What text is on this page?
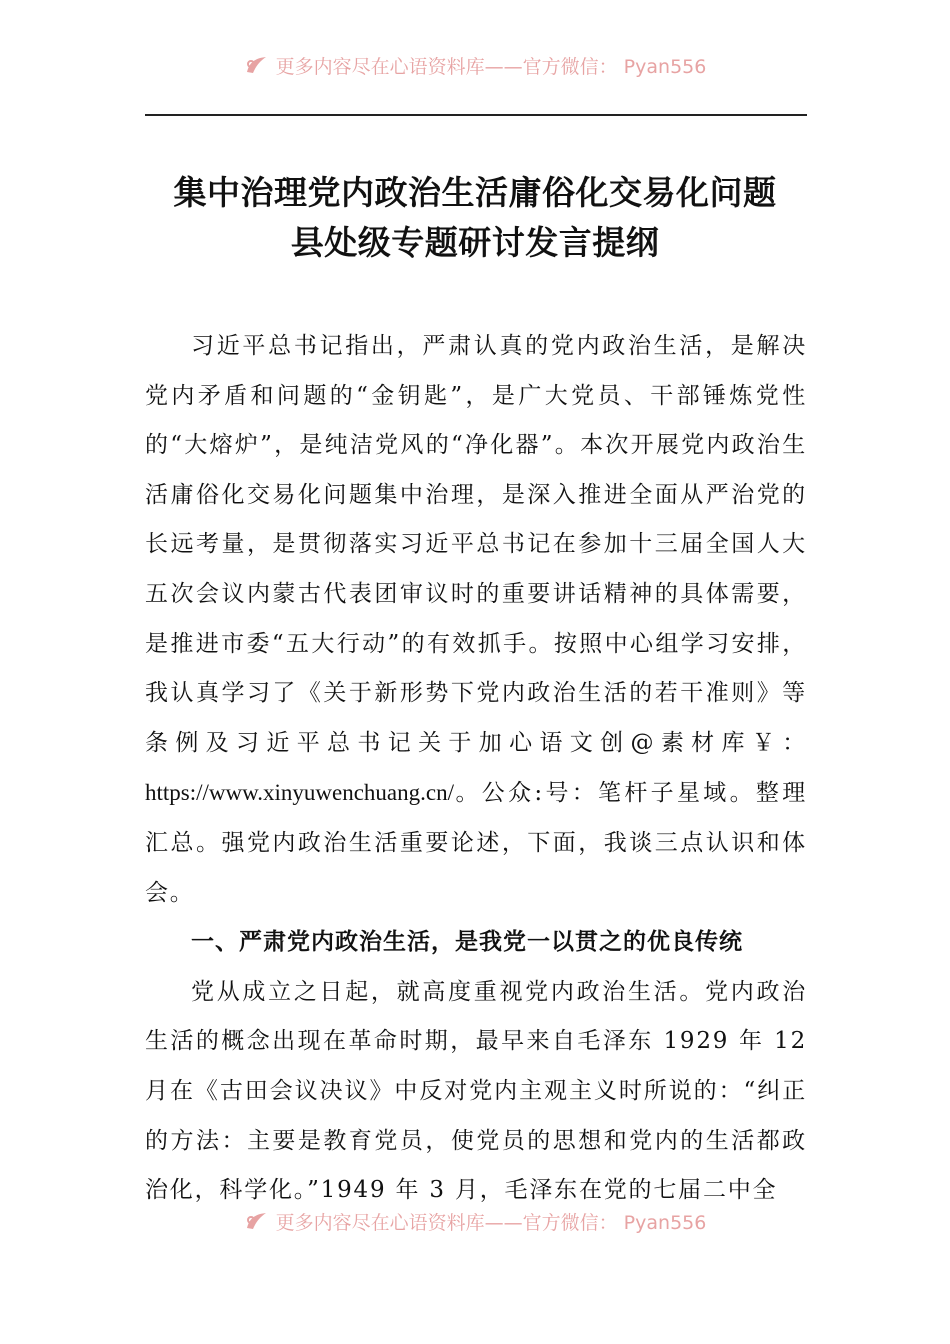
更多内容尽在心语资料库——官方微信： Pyan556
集中治理党内政治生活庸俗化交易化问题
县处级专题研讨发言提纲

习近平总书记指出，严肃认真的党内政治生活，是解决党内矛盾和问题的“金钥匙”，是广大党员、干部锤炼党性的“大熔炉”，是纯洁党风的“净化器”。本次开展党内政治生活庸俗化交易化问题集中治理，是深入推进全面从严治党的长远考量，是贯彻落实习近平总书记在参加十三届全国人大五次会议内蒙古代表团审议时的重要讲话精神的具体需要，是推进市委“五大行动”的有效抓手。按照中心组学习安排，我认真学习了《关于新形势下党内政治生活的若干准则》等条例及习近平总书记关于加心语文创@素材库￥：https://www.xinyuwenchuang.cn/。公众:号：笔杆子星域。整理汇总。强党内政治生活重要论述，下面，我谈三点认识和体会。

一、严肃党内政治生活，是我党一以贯之的优良传统

党从成立之日起，就高度重视党内政治生活。党内政治生活的概念出现在革命时期，最早来自毛泽东 1929 年 12 月在《古田会议决议》中反对党内主观主义时所说的：“纠正的方法：主要是教育党员，使党员的思想和党内的生活都政治化，科学化。”1949 年 3 月，毛泽东在党的七届二中全

更多内容尽在心语资料库——官方微信： Pyan556
